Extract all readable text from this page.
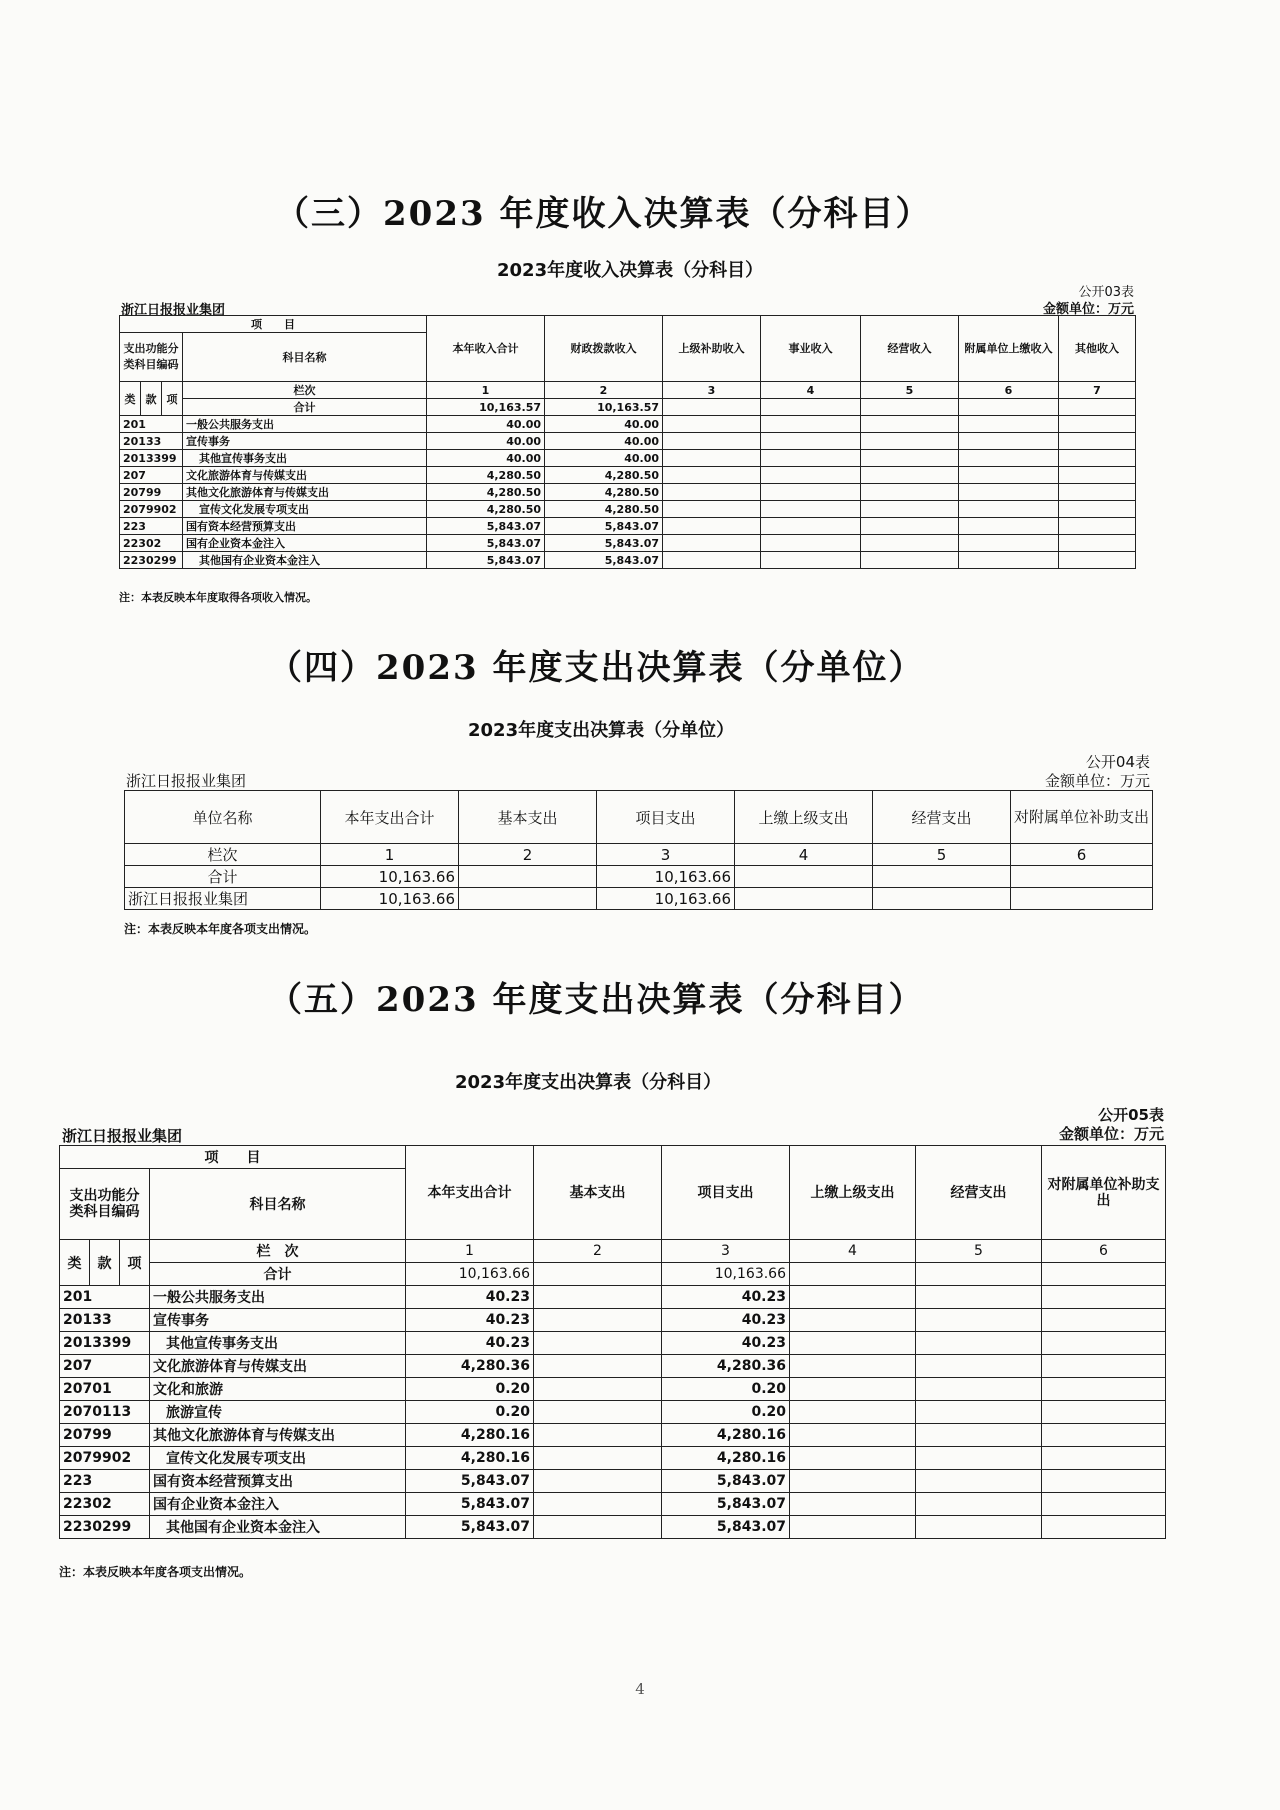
（三）2023 年度收入决算表（分科目）
2023年度收入决算表（分科目）
公开03表
金额单位：万元
浙江日报报业集团
项　　目				本年收入合计	财政拨款收入	上级补助收入	事业收入	经营收入	附属单位上缴收入	其他收入
支出功能分类科目编码			科目名称							

类	款	项	栏次	1	2	3	4	5	6	7
			合计	10,163.57	10,163.57					
201			一般公共服务支出	40.00	40.00					
20133			宣传事务	40.00	40.00					
2013399			其他宣传事务支出	40.00	40.00					
207			文化旅游体育与传媒支出	4,280.50	4,280.50					
20799			其他文化旅游体育与传媒支出	4,280.50	4,280.50					
2079902			宣传文化发展专项支出	4,280.50	4,280.50					
223			国有资本经营预算支出	5,843.07	5,843.07					
22302			国有企业资本金注入	5,843.07	5,843.07					
2230299			其他国有企业资本金注入	5,843.07	5,843.07					
注：本表反映本年度取得各项收入情况。
（四）2023 年度支出决算表（分单位）
2023年度支出决算表（分单位）
公开04表
金额单位：万元
浙江日报报业集团
单位名称	本年支出合计	基本支出	项目支出	上缴上级支出	经营支出	对附属单位补助支出
栏次	1	2	3	4	5	6
合计	10,163.66		10,163.66			
浙江日报报业集团	10,163.66		10,163.66			
注：本表反映本年度各项支出情况。
（五）2023 年度支出决算表（分科目）
2023年度支出决算表（分科目）
公开05表
金额单位：万元
浙江日报报业集团
项　　目				本年支出合计	基本支出	项目支出	上缴上级支出	经营支出	对附属单位补助支出
支出功能分类科目编码			科目名称						

类	款	项	栏　次	1	2	3	4	5	6
			合计	10,163.66		10,163.66			
201			一般公共服务支出	40.23		40.23			
20133			宣传事务	40.23		40.23			
2013399			其他宣传事务支出	40.23		40.23			
207			文化旅游体育与传媒支出	4,280.36		4,280.36			
20701			文化和旅游	0.20		0.20			
2070113			旅游宣传	0.20		0.20			
20799			其他文化旅游体育与传媒支出	4,280.16		4,280.16			
2079902			宣传文化发展专项支出	4,280.16		4,280.16			
223			国有资本经营预算支出	5,843.07		5,843.07			
22302			国有企业资本金注入	5,843.07		5,843.07			
2230299			其他国有企业资本金注入	5,843.07		5,843.07			
注：本表反映本年度各项支出情况。
4
